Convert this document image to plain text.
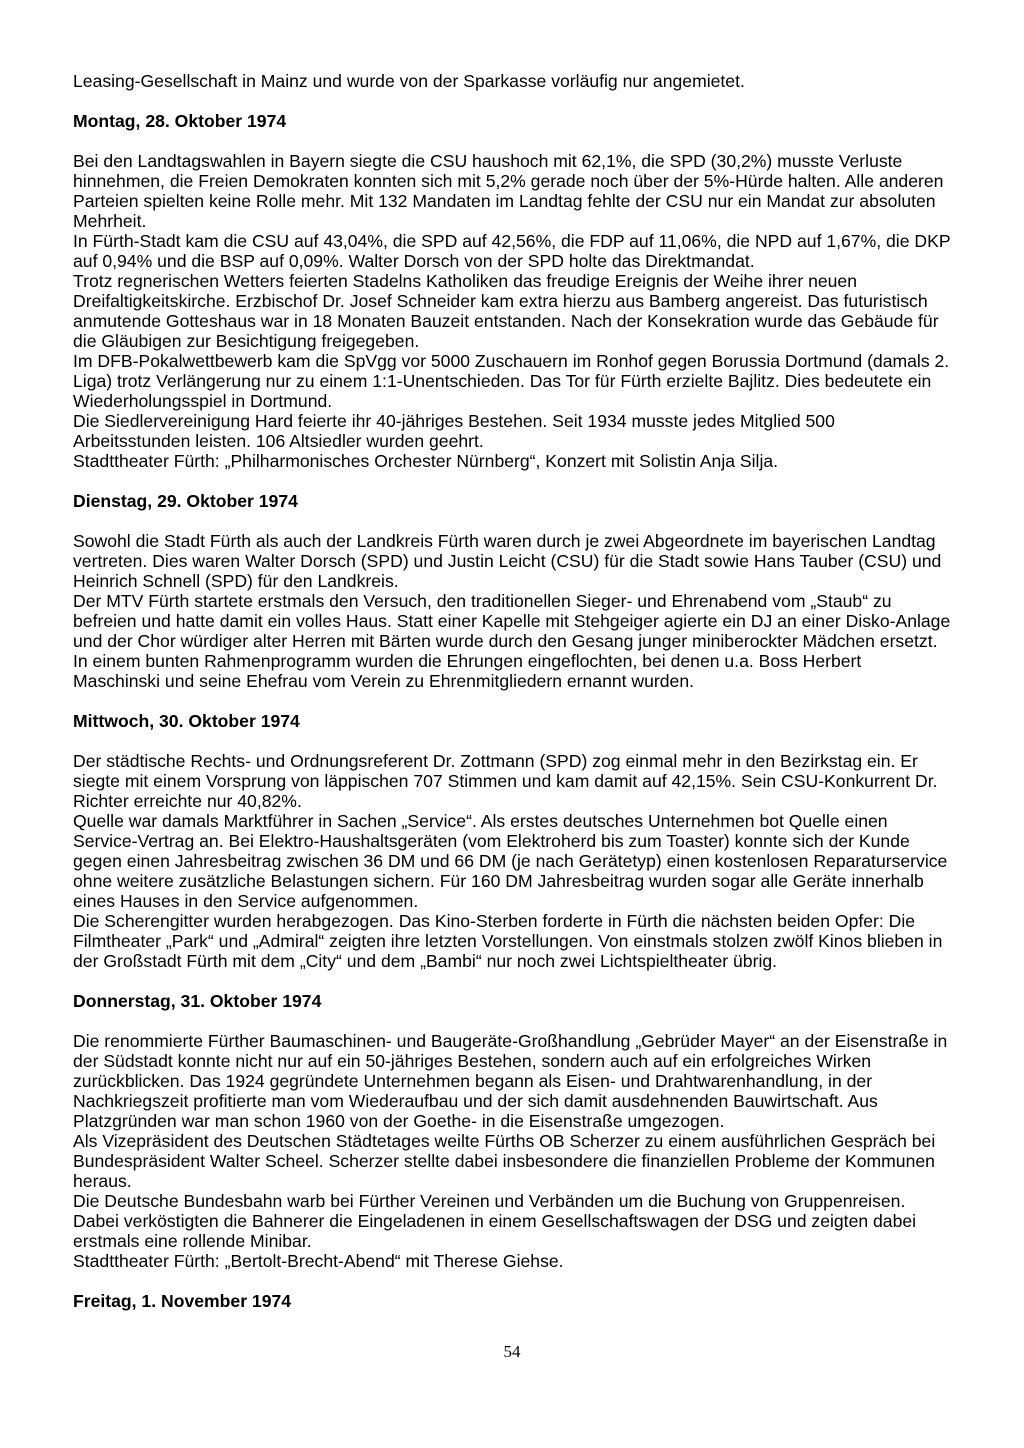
Leasing-Gesellschaft in Mainz und wurde von der Sparkasse vorläufig nur angemietet.

Montag, 28. Oktober 1974

Bei den Landtagswahlen in Bayern siegte die CSU haushoch mit 62,1%, die SPD (30,2%) musste Verluste hinnehmen, die Freien Demokraten konnten sich mit 5,2% gerade noch über der 5%-Hürde halten. Alle anderen Parteien spielten keine Rolle mehr. Mit 132 Mandaten im Landtag fehlte der CSU nur ein Mandat zur absoluten Mehrheit.

In Fürth-Stadt kam die CSU auf 43,04%, die SPD auf 42,56%, die FDP auf 11,06%, die NPD auf 1,67%, die DKP auf 0,94% und die BSP auf 0,09%. Walter Dorsch von der SPD holte das Direktmandat.

Trotz regnerischen Wetters feierten Stadelns Katholiken das freudige Ereignis der Weihe ihrer neuen Dreifaltigkeitskirche. Erzbischof Dr. Josef Schneider kam extra hierzu aus Bamberg angereist. Das futuristisch anmutende Gotteshaus war in 18 Monaten Bauzeit entstanden. Nach der Konsekration wurde das Gebäude für die Gläubigen zur Besichtigung freigegeben.

Im DFB-Pokalwettbewerb kam die SpVgg vor 5000 Zuschauern im Ronhof gegen Borussia Dortmund (damals 2. Liga) trotz Verlängerung nur zu einem 1:1-Unentschieden. Das Tor für Fürth erzielte Bajlitz. Dies bedeutete ein Wiederholungsspiel in Dortmund.

Die Siedlervereinigung Hard feierte ihr 40-jähriges Bestehen. Seit 1934 musste jedes Mitglied 500 Arbeitsstunden leisten. 106 Altsiedler wurden geehrt.

Stadttheater Fürth: „Philharmonisches Orchester Nürnberg“, Konzert mit Solistin Anja Silja.

Dienstag, 29. Oktober 1974

Sowohl die Stadt Fürth als auch der Landkreis Fürth waren durch je zwei Abgeordnete im bayerischen Landtag vertreten. Dies waren Walter Dorsch (SPD) und Justin Leicht (CSU) für die Stadt sowie Hans Tauber (CSU) und Heinrich Schnell (SPD) für den Landkreis.

Der MTV Fürth startete erstmals den Versuch, den traditionellen Sieger- und Ehrenabend vom „Staub“ zu befreien und hatte damit ein volles Haus. Statt einer Kapelle mit Stehgeiger agierte ein DJ an einer Disko-Anlage und der Chor würdiger alter Herren mit Bärten wurde durch den Gesang junger miniberockter Mädchen ersetzt. In einem bunten Rahmenprogramm wurden die Ehrungen eingeflochten, bei denen u.a. Boss Herbert Maschinski und seine Ehefrau vom Verein zu Ehrenmitgliedern ernannt wurden.

Mittwoch, 30. Oktober 1974

Der städtische Rechts- und Ordnungsreferent Dr. Zottmann (SPD) zog einmal mehr in den Bezirkstag ein. Er siegte mit einem Vorsprung von läppischen 707 Stimmen und kam damit auf 42,15%. Sein CSU-Konkurrent Dr. Richter erreichte nur 40,82%.

Quelle war damals Marktführer in Sachen „Service“. Als erstes deutsches Unternehmen bot Quelle einen Service-Vertrag an. Bei Elektro-Haushaltsgeräten (vom Elektroherd bis zum Toaster) konnte sich der Kunde gegen einen Jahresbeitrag zwischen 36 DM und 66 DM (je nach Gerätetyp) einen kostenlosen Reparaturservice ohne weitere zusätzliche Belastungen sichern. Für 160 DM Jahresbeitrag wurden sogar alle Geräte innerhalb eines Hauses in den Service aufgenommen.

Die Scherengitter wurden herabgezogen. Das Kino-Sterben forderte in Fürth die nächsten beiden Opfer: Die Filmtheater „Park“ und „Admiral“ zeigten ihre letzten Vorstellungen. Von einstmals stolzen zwölf Kinos blieben in der Großstadt Fürth mit dem „City“ und dem „Bambi“ nur noch zwei Lichtspieltheater übrig.

Donnerstag, 31. Oktober 1974

Die renommierte Fürther Baumaschinen- und Baugeräte-Großhandlung „Gebrüder Mayer“ an der Eisenstraße in der Südstadt konnte nicht nur auf ein 50-jähriges Bestehen, sondern auch auf ein erfolgreiches Wirken zurückblicken. Das 1924 gegründete Unternehmen begann als Eisen- und Drahtwarenhandlung, in der Nachkriegszeit profitierte man vom Wiederaufbau und der sich damit ausdehnenden Bauwirtschaft. Aus Platzgründen war man schon 1960 von der Goethe- in die Eisenstraße umgezogen.

Als Vizepräsident des Deutschen Städtetages weilte Fürths OB Scherzer zu einem ausführlichen Gespräch bei Bundespräsident Walter Scheel. Scherzer stellte dabei insbesondere die finanziellen Probleme der Kommunen heraus.

Die Deutsche Bundesbahn warb bei Fürther Vereinen und Verbänden um die Buchung von Gruppenreisen. Dabei verköstigten die Bahnerer die Eingeladenen in einem Gesellschaftswagen der DSG und zeigten dabei erstmals eine rollende Minibar.

Stadttheater Fürth: „Bertolt-Brecht-Abend“ mit Therese Giehse.

Freitag, 1. November 1974
54
